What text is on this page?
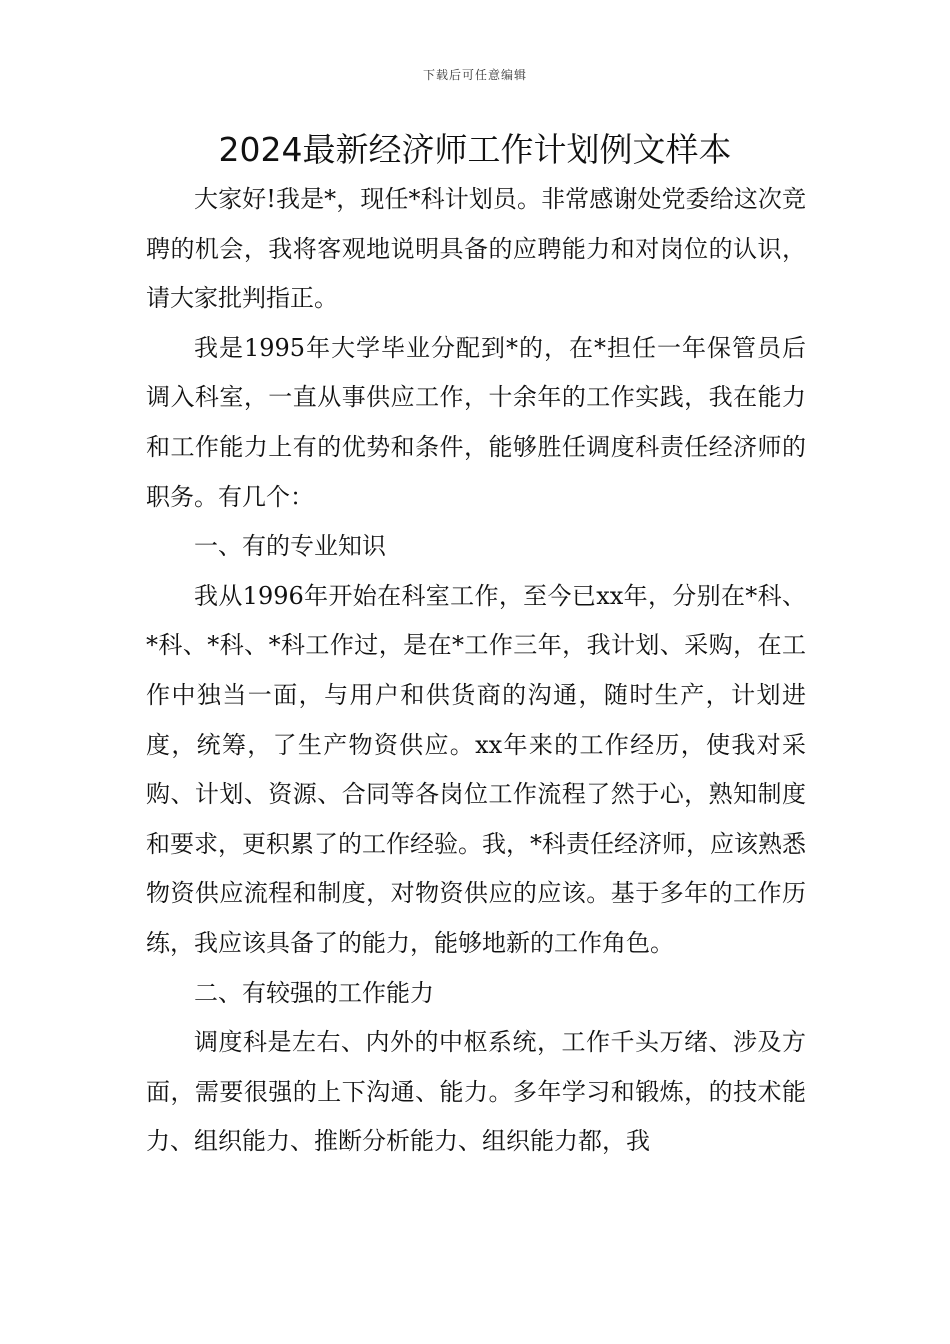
下载后可任意编辑
2024最新经济师工作计划例文样本

大家好!我是*，现任*科计划员。非常感谢处党委给这次竞聘的机会，我将客观地说明具备的应聘能力和对岗位的认识，请大家批判指正。

我是1995年大学毕业分配到*的，在*担任一年保管员后调入科室，一直从事供应工作，十余年的工作实践，我在能力和工作能力上有的优势和条件，能够胜任调度科责任经济师的职务。有几个：

一、有的专业知识

我从1996年开始在科室工作，至今已xx年，分别在*科、*科、*科、*科工作过，是在*工作三年，我计划、采购，在工作中独当一面，与用户和供货商的沟通，随时生产，计划进度，统筹，了生产物资供应。xx年来的工作经历，使我对采购、计划、资源、合同等各岗位工作流程了然于心，熟知制度和要求，更积累了的工作经验。我，*科责任经济师，应该熟悉物资供应流程和制度，对物资供应的应该。基于多年的工作历练，我应该具备了的能力，能够地新的工作角色。

二、有较强的工作能力

调度科是左右、内外的中枢系统，工作千头万绪、涉及方面，需要很强的上下沟通、能力。多年学习和锻炼，的技术能力、组织能力、推断分析能力、组织能力都，我
